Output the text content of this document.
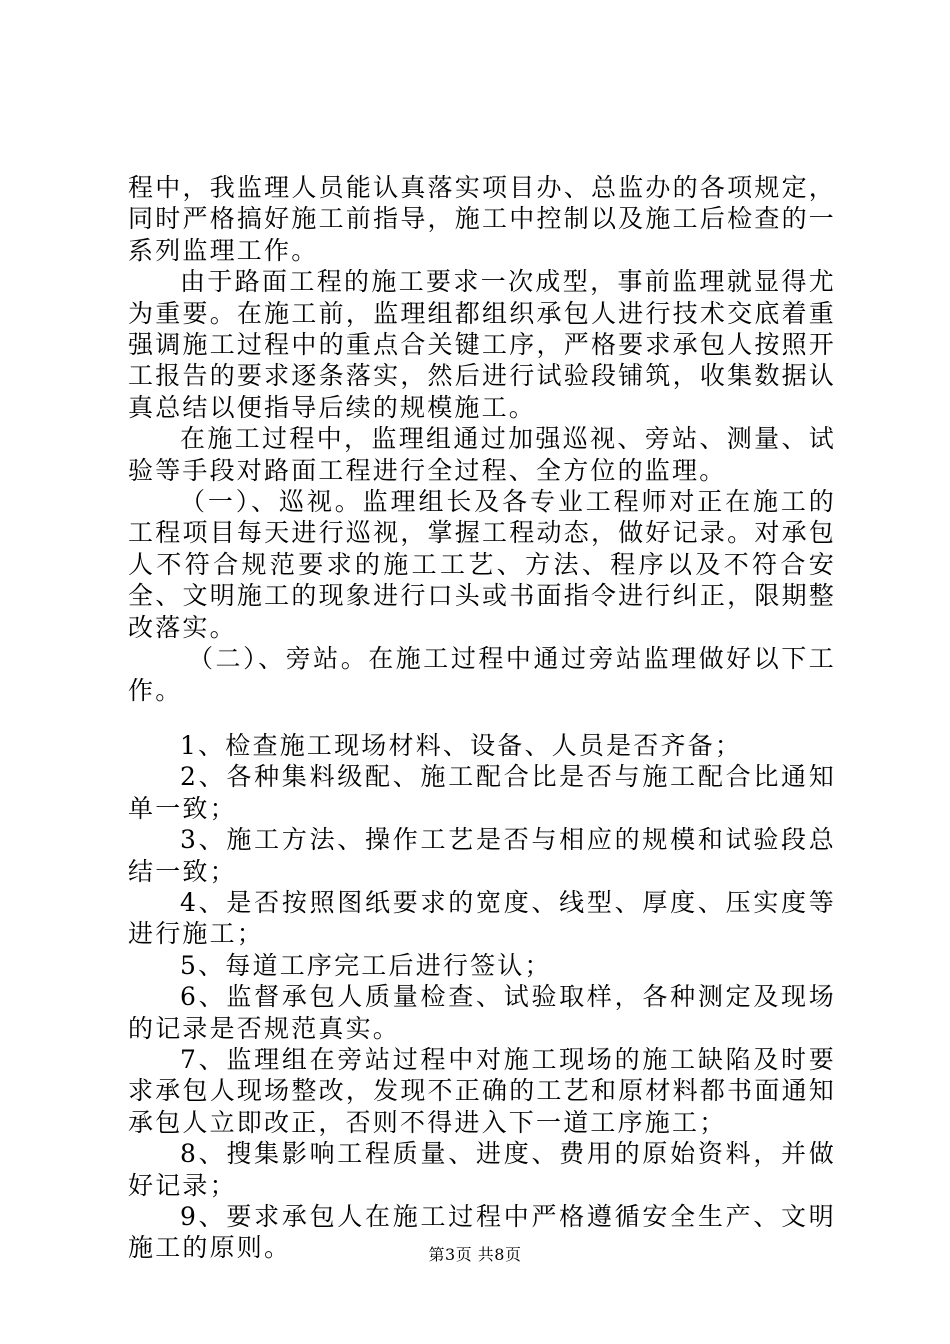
程中，我监理人员能认真落实项目办、总监办的各项规定，同时严格搞好施工前指导，施工中控制以及施工后检查的一系列监理工作。

由于路面工程的施工要求一次成型，事前监理就显得尤为重要。在施工前，监理组都组织承包人进行技术交底着重强调施工过程中的重点合关键工序，严格要求承包人按照开工报告的要求逐条落实，然后进行试验段铺筑，收集数据认真总结以便指导后续的规模施工。

在施工过程中，监理组通过加强巡视、旁站、测量、试验等手段对路面工程进行全过程、全方位的监理。

（一）、巡视。监理组长及各专业工程师对正在施工的工程项目每天进行巡视，掌握工程动态，做好记录。对承包人不符合规范要求的施工工艺、方法、程序以及不符合安全、文明施工的现象进行口头或书面指令进行纠正，限期整改落实。

（二）、旁站。在施工过程中通过旁站监理做好以下工作。

1、检查施工现场材料、设备、人员是否齐备；

2、各种集料级配、施工配合比是否与施工配合比通知单一致；

3、施工方法、操作工艺是否与相应的规模和试验段总结一致；

4、是否按照图纸要求的宽度、线型、厚度、压实度等进行施工；

5、每道工序完工后进行签认；

6、监督承包人质量检查、试验取样，各种测定及现场的记录是否规范真实。

7、监理组在旁站过程中对施工现场的施工缺陷及时要求承包人现场整改，发现不正确的工艺和原材料都书面通知承包人立即改正，否则不得进入下一道工序施工；

8、搜集影响工程质量、进度、费用的原始资料，并做好记录；

9、要求承包人在施工过程中严格遵循安全生产、文明施工的原则。	第3页 共8页
